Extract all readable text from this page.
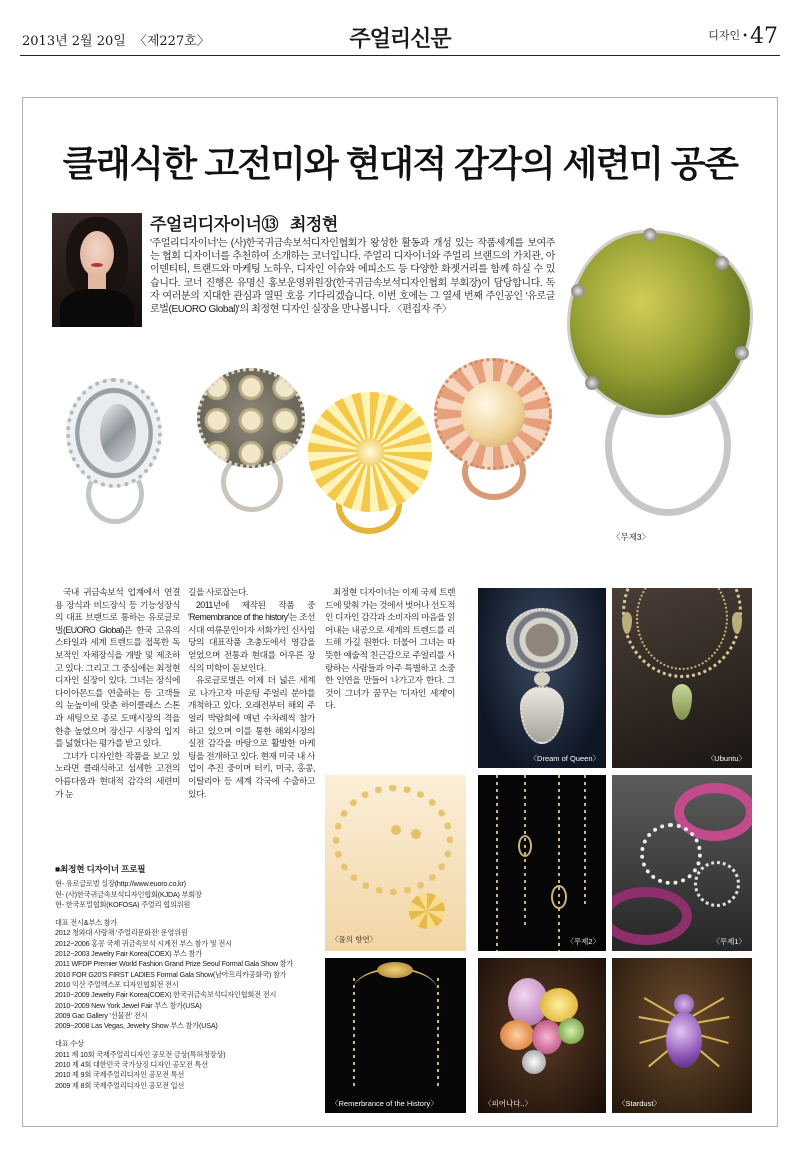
2013년 2월 20일 〈제227호〉	주얼리신문	$^{디자인}$ •47
클래식한 고전미와 현대적 감각의 세련미 공존
주얼리디자이너⑬ 최정현
'주얼리디자이너'는 (사)한국귀금속보석디자인협회가 왕성한 활동과 개성 있는 작품세계를 보여주는 협회 디자이너를 추천하여 소개하는 코너입니다. 주얼리 디자이너와 주얼리 브랜드의 가치관, 아이덴티티, 트랜드와 마케팅 노하우, 디자인 이슈와 에피소드 등 다양한 화젯거리를 함께 하실 수 있습니다. 코너 진행은 유명신 홍보운영위원장(한국귀금속보석디자인협회 부회장)이 담당합니다. 독자 여러분의 지대한 관심과 열띤 호응 기다리겠습니다. 이번 호에는 그 열세 번째 주인공인 '유로글로벌(EUORO Global)'의 최정현 디자인 실장을 만나봅니다. 〈편집자 주〉
〈무제3〉

국내 귀금속보석 업계에서 연결용 장식과 비드장식 등 기능성장식의 대표 브랜드로 통하는 유로글로벌(EUORO Global)은 한국 고유의 스타일과 세계 트렌드를 접목한 독보적인 자체장식을 개발 및 제조하고 있다. 그리고 그 중심에는 최정현 디자인 실장이 있다. 그녀는 장식에 다이아몬드를 연출하는 등 고객들의 눈높이에 맞춘 하이클래스 스톤과 세팅으로 종로 도매시장의 격을 한층 높였으며 장신구 시장의 입지를 넓혔다는 평가를 받고 있다.

그녀가 디자인한 작품을 보고 있노라면 클래식하고 섬세한 고전의 아름다움과 현대적 감각의 세련미가 눈

길을 사로잡는다.

2011년에 제작된 작품 중 'Remembrance of the history'는 조선시대 여류문인이자 서화가인 신사임당의 대표작품 초충도에서 영감을 얻었으며 전통과 현대를 어우른 장식의 미학이 돋보인다.

유로글로벌은 이제 더 넓은 세계로 나가고자 마운팅 주얼리 분야를 개척하고 있다. 오래전부터 해외 주얼리 박람회에 매년 수차례씩 참가하고 있으며 이를 통한 해외시장의 실전 감각을 바탕으로 활발한 마케팅을 전개하고 있다. 현재 미국 내 사업이 추진 중이며 터키, 미국, 홍콩, 이탈리아 등 세계 각국에 수출하고 있다.

최정현 디자이너는 이제 국제 트렌드에 맞춰 가는 것에서 벗어나 선도적인 디자인 감각과 소비자의 마음을 읽어내는 내공으로 세계의 트렌드를 리드해 가길 원한다. 더불어 그녀는 따뜻한 예술적 친근감으로 주얼리를 사랑하는 사람들과 아주 특별하고 소중한 인연을 만들어 나가고자 한다. 그것이 그녀가 꿈꾸는 '디자인 세계'이다.

■최정현 디자이너 프로필
현- 유로글로벌 실장(http://www.euoro.co.kr)
현- (사)한국귀금속보석디자인협회(KJDA) 부회장
현- 한국포멀협회(KOFOSA) 주얼리 협의위원
대표 전시&부스 참가
2012 청와대 사랑채 '주얼리문화전' 운영위원
2012~2006 홍콩 국제 귀금속보석 시계전 부스 참가 및 전시
2012~2003 Jewelry Fair Korea(COEX) 부스 참가
2011 WFDP Premier World Fashion Grand Prize Seoul Formal Gala Show 참가
2010 FOR G20'S FIRST LADIES Formal Gala Show(남아프리카공화국) 참가
2010 익산 주얼엑스포 디자인협회전 전시
2010~2009 Jewelry Fair Korea(COEX) 한국귀금속보석디자인협회전 전시
2010~2009 New York Jewel Fair 부스 참가(USA)
2009 Gac Gallery '선물전' 전시
2009~2008 Las Vegas, Jewelry Show 부스 참가(USA)
대표 수상
2011 제 10회 국제주얼리디자인 공모전 금상(특허청장상)
2010 제 4회 대한민국 국가상징 디자인 공모전 특선
2010 제 9회 국제주얼리디자인 공모전 특선
2009 제 8회 국제주얼리디자인 공모전 입선
〈Dream of Queen〉	〈Ubuntu〉
〈풀의 향연〉	〈무제2〉	〈무제1〉
〈Remerbrance of the History〉	〈피어나다..〉	〈Stardust〉
